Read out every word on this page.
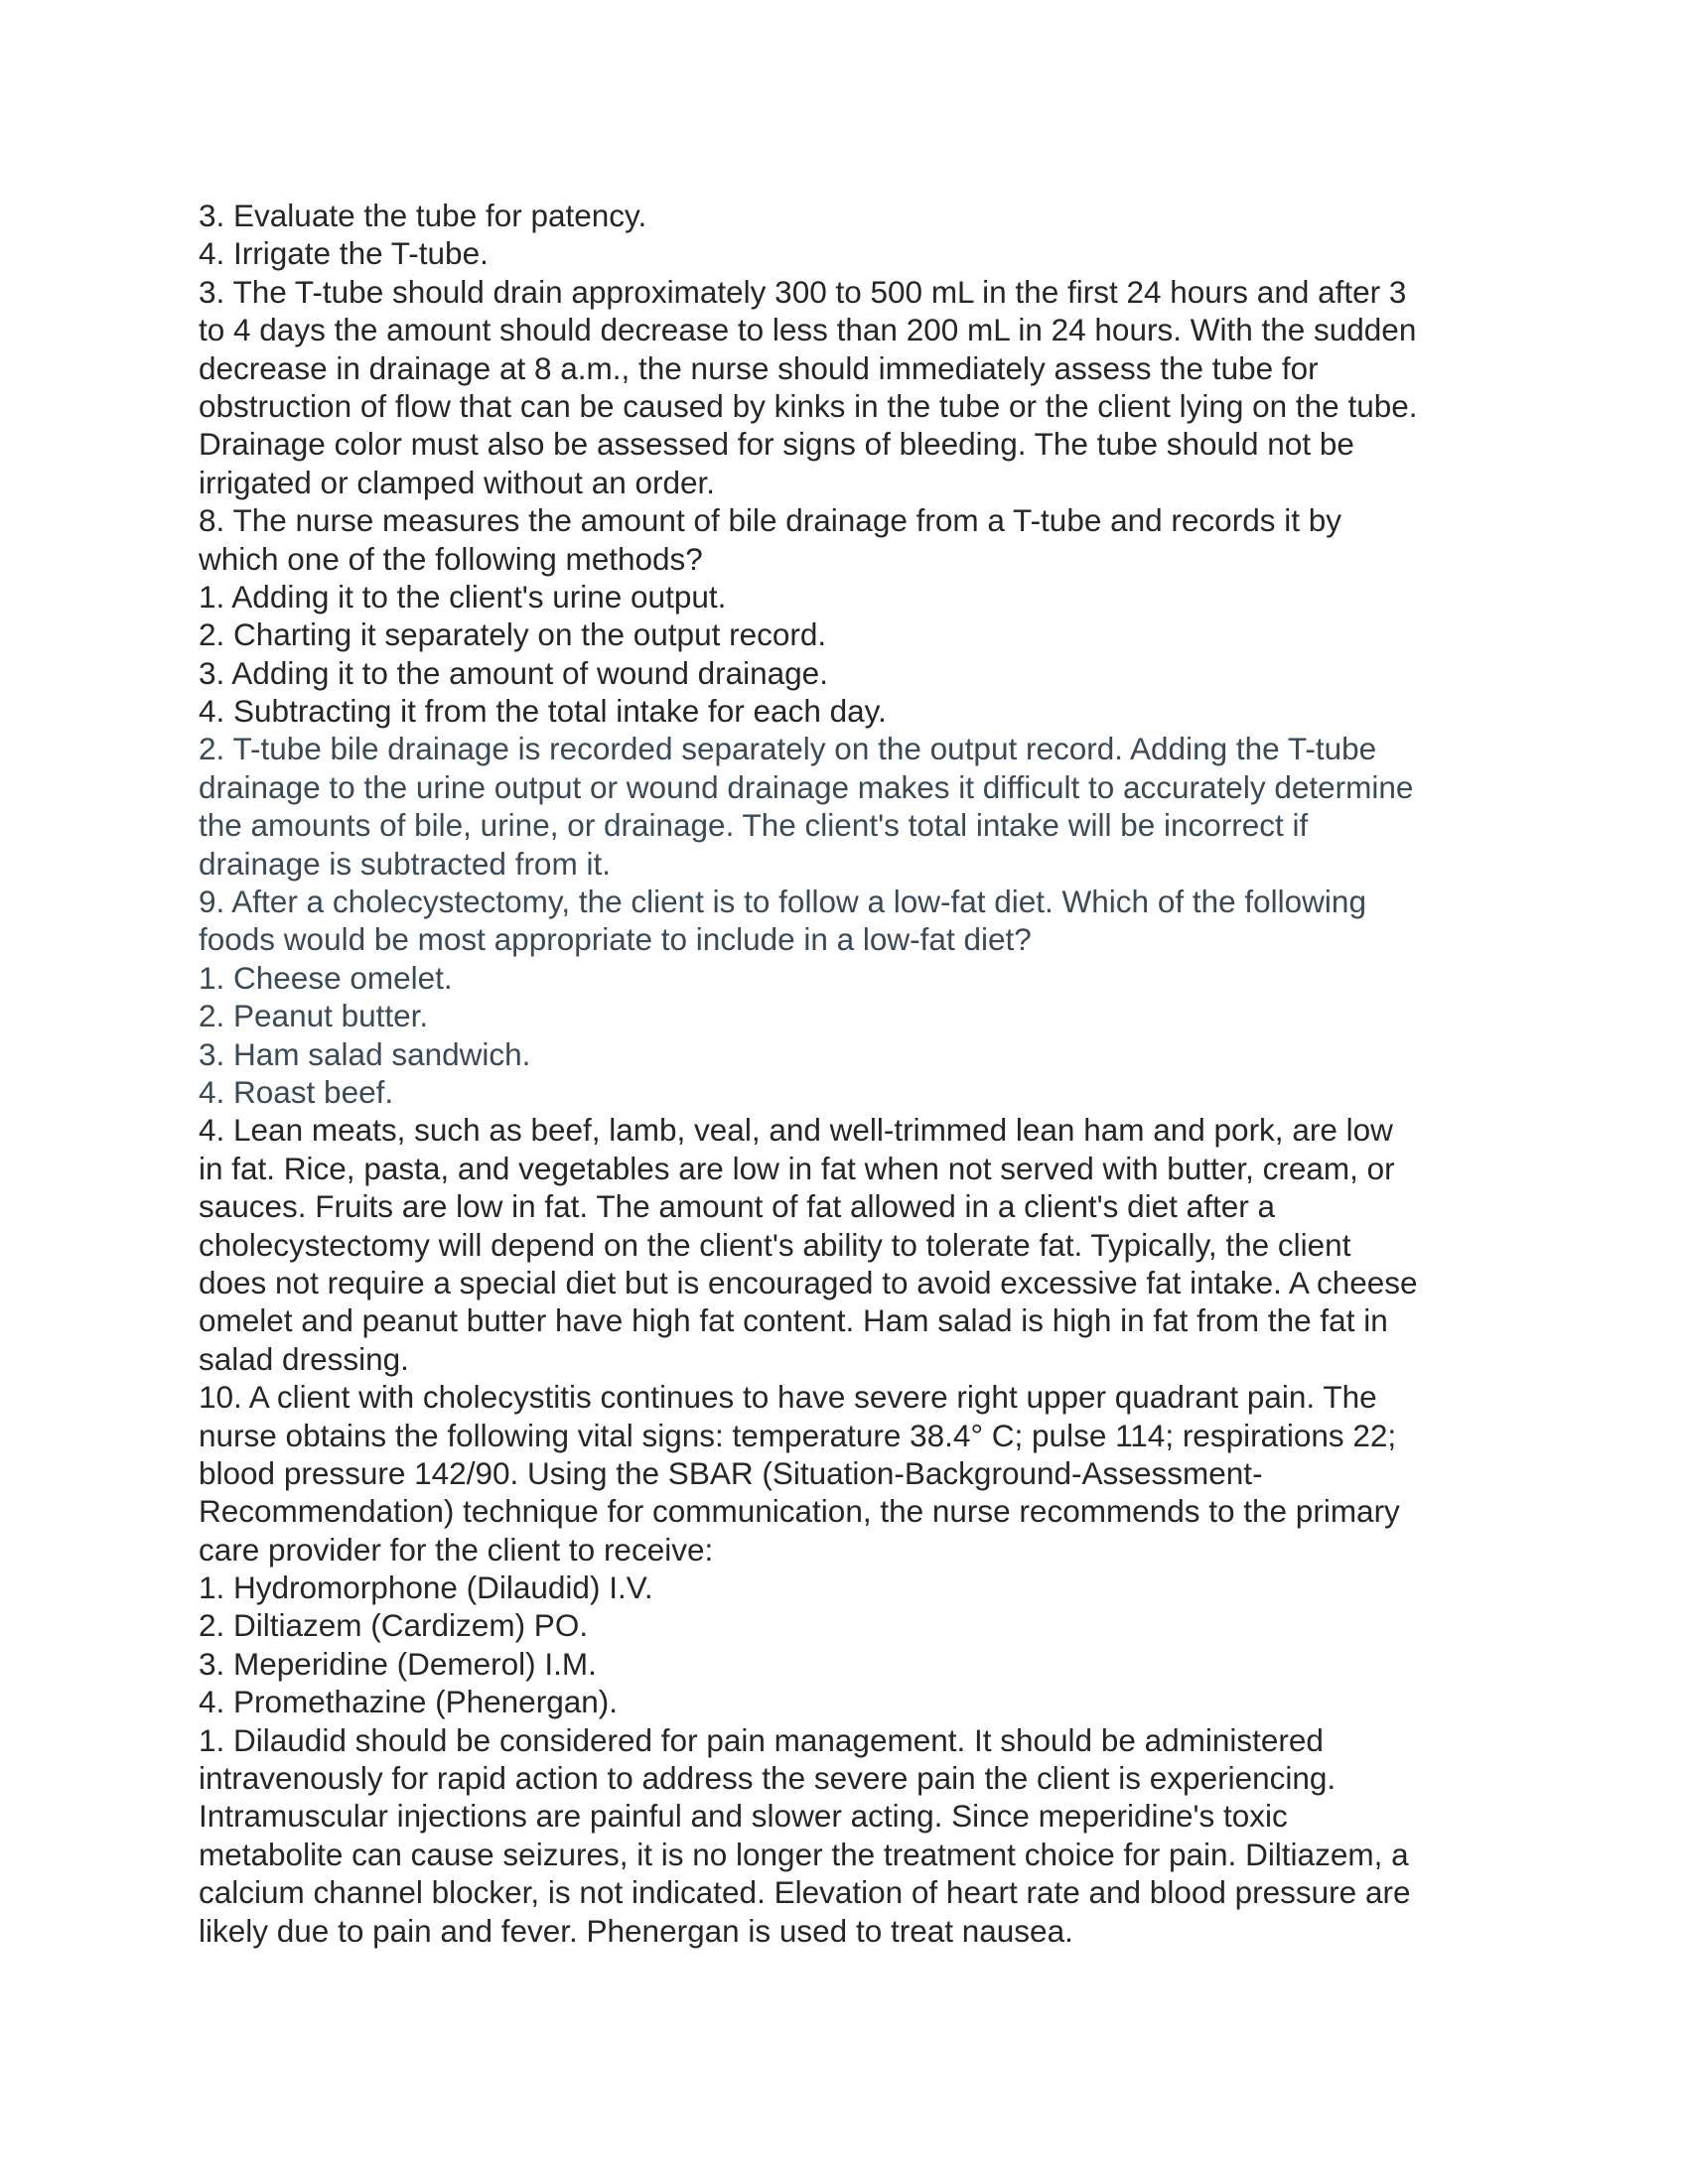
3. Evaluate the tube for patency.
4. Irrigate the T-tube.
3. The T-tube should drain approximately 300 to 500 mL in the first 24 hours and after 3
to 4 days the amount should decrease to less than 200 mL in 24 hours. With the sudden
decrease in drainage at 8 a.m., the nurse should immediately assess the tube for
obstruction of flow that can be caused by kinks in the tube or the client lying on the tube.
Drainage color must also be assessed for signs of bleeding. The tube should not be
irrigated or clamped without an order.
8. The nurse measures the amount of bile drainage from a T-tube and records it by
which one of the following methods?
1. Adding it to the client's urine output.
2. Charting it separately on the output record.
3. Adding it to the amount of wound drainage.
4. Subtracting it from the total intake for each day.
2. T-tube bile drainage is recorded separately on the output record. Adding the T-tube
drainage to the urine output or wound drainage makes it difficult to accurately determine
the amounts of bile, urine, or drainage. The client's total intake will be incorrect if
drainage is subtracted from it.
9. After a cholecystectomy, the client is to follow a low-fat diet. Which of the following
foods would be most appropriate to include in a low-fat diet?
1. Cheese omelet.
2. Peanut butter.
3. Ham salad sandwich.
4. Roast beef.
4. Lean meats, such as beef, lamb, veal, and well-trimmed lean ham and pork, are low
in fat. Rice, pasta, and vegetables are low in fat when not served with butter, cream, or
sauces. Fruits are low in fat. The amount of fat allowed in a client's diet after a
cholecystectomy will depend on the client's ability to tolerate fat. Typically, the client
does not require a special diet but is encouraged to avoid excessive fat intake. A cheese
omelet and peanut butter have high fat content. Ham salad is high in fat from the fat in
salad dressing.
10. A client with cholecystitis continues to have severe right upper quadrant pain. The
nurse obtains the following vital signs: temperature 38.4° C; pulse 114; respirations 22;
blood pressure 142/90. Using the SBAR (Situation-Background-Assessment-
Recommendation) technique for communication, the nurse recommends to the primary
care provider for the client to receive:
1. Hydromorphone (Dilaudid) I.V.
2. Diltiazem (Cardizem) PO.
3. Meperidine (Demerol) I.M.
4. Promethazine (Phenergan).
1. Dilaudid should be considered for pain management. It should be administered
intravenously for rapid action to address the severe pain the client is experiencing.
Intramuscular injections are painful and slower acting. Since meperidine's toxic
metabolite can cause seizures, it is no longer the treatment choice for pain. Diltiazem, a
calcium channel blocker, is not indicated. Elevation of heart rate and blood pressure are
likely due to pain and fever. Phenergan is used to treat nausea.
